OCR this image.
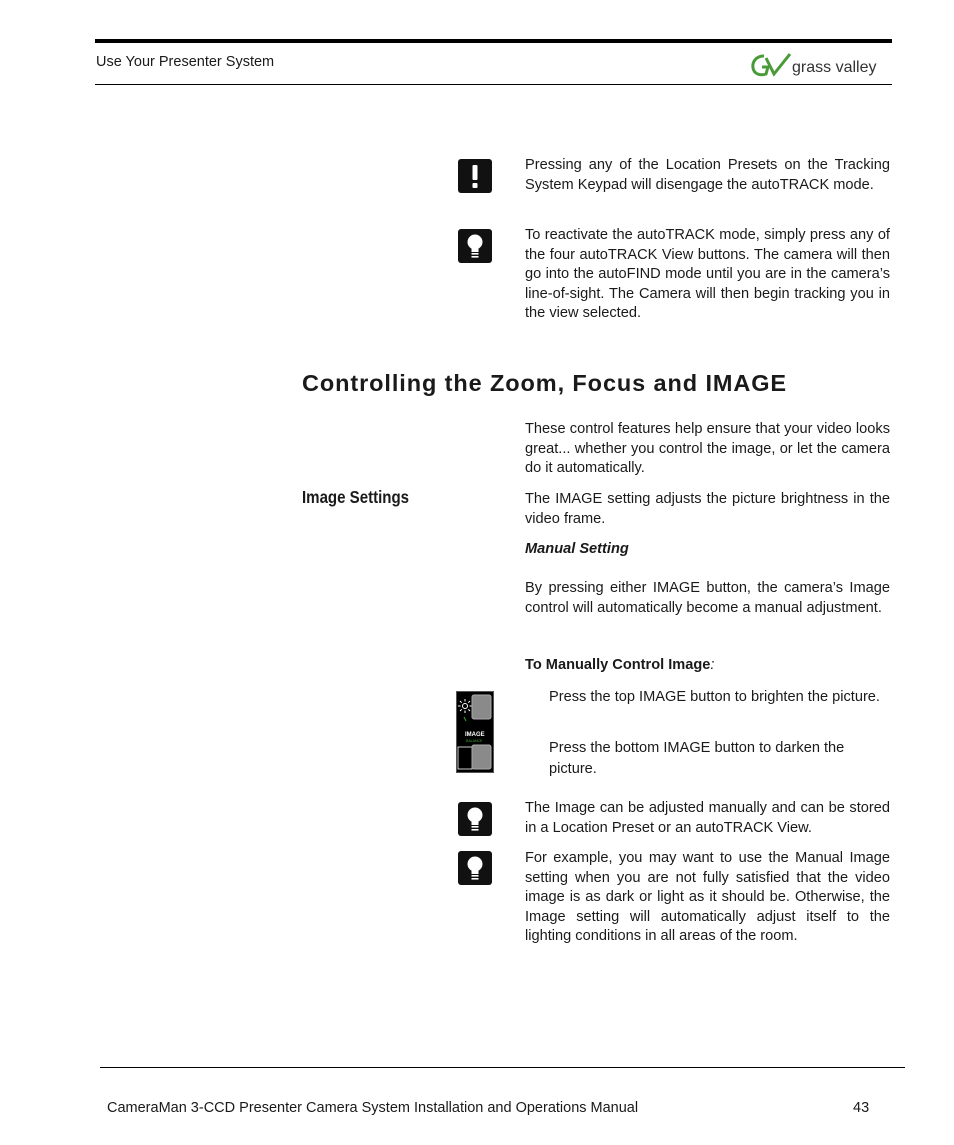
Use Your Presenter System	grass valley
Pressing any of the Location Presets on the Tracking System Keypad will disengage the autoTRACK mode.
To reactivate the autoTRACK mode, simply press any of the four autoTRACK View buttons. The camera will then go into the autoFIND mode until you are in the camera’s line-of-sight. The Camera will then begin tracking you in the view selected.
Controlling the Zoom, Focus and IMAGE
These control features help ensure that your video looks great... whether you control the image, or let the camera do it automatically.
Image Settings	The IMAGE setting adjusts the picture brightness in the video frame.
Manual Setting
By pressing either IMAGE button, the camera’s Image control will automatically become a manual adjustment.
To Manually Control Image:
IMAGE
BALANCE
Press the top IMAGE button to brighten the picture.
Press the bottom IMAGE button to darken the picture.
The Image can be adjusted manually and can be stored in a Location Preset or an autoTRACK View.
For example, you may want to use the Manual Image setting when you are not fully satisfied that the video image is as dark or light as it should be. Otherwise, the Image setting will automatically adjust itself to the lighting conditions in all areas of the room.
CameraMan 3-CCD Presenter Camera System Installation and Operations Manual	43
